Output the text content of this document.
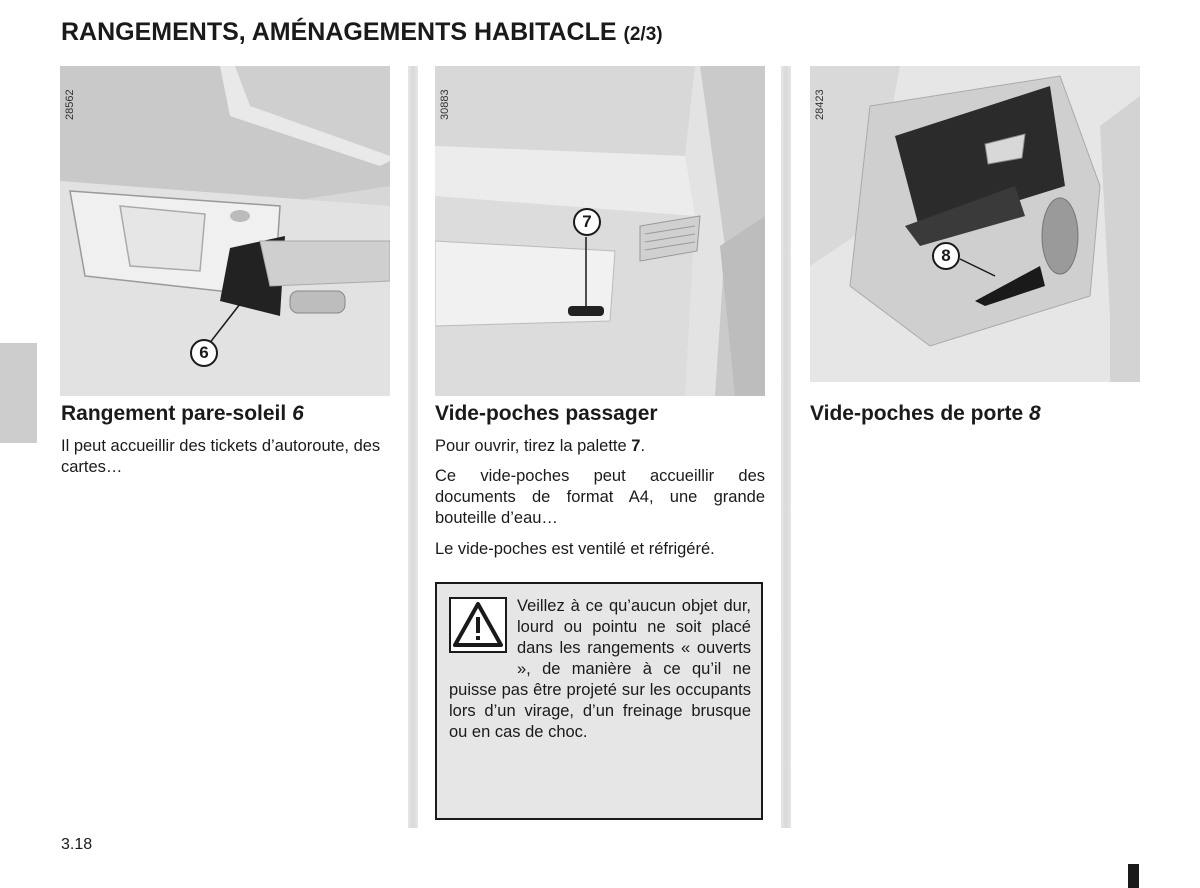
RANGEMENTS, AMÉNAGEMENTS HABITACLE (2/3)
28562
6
30883
7
28423
8
Rangement pare-soleil 6

Il peut accueillir des tickets d’autoroute, des cartes…

Vide-poches passager

Pour ouvrir, tirez la palette 7.

Ce vide-poches peut accueillir des documents de format A4, une grande bouteille d’eau…

Le vide-poches est ventilé et réfrigéré.

Veillez à ce qu’aucun objet dur, lourd ou pointu ne soit placé dans les rangements « ouverts », de manière à ce qu’il ne puisse pas être projeté sur les occupants lors d’un virage, d’un freinage brusque ou en cas de choc.
Vide-poches de porte 8
3.18
